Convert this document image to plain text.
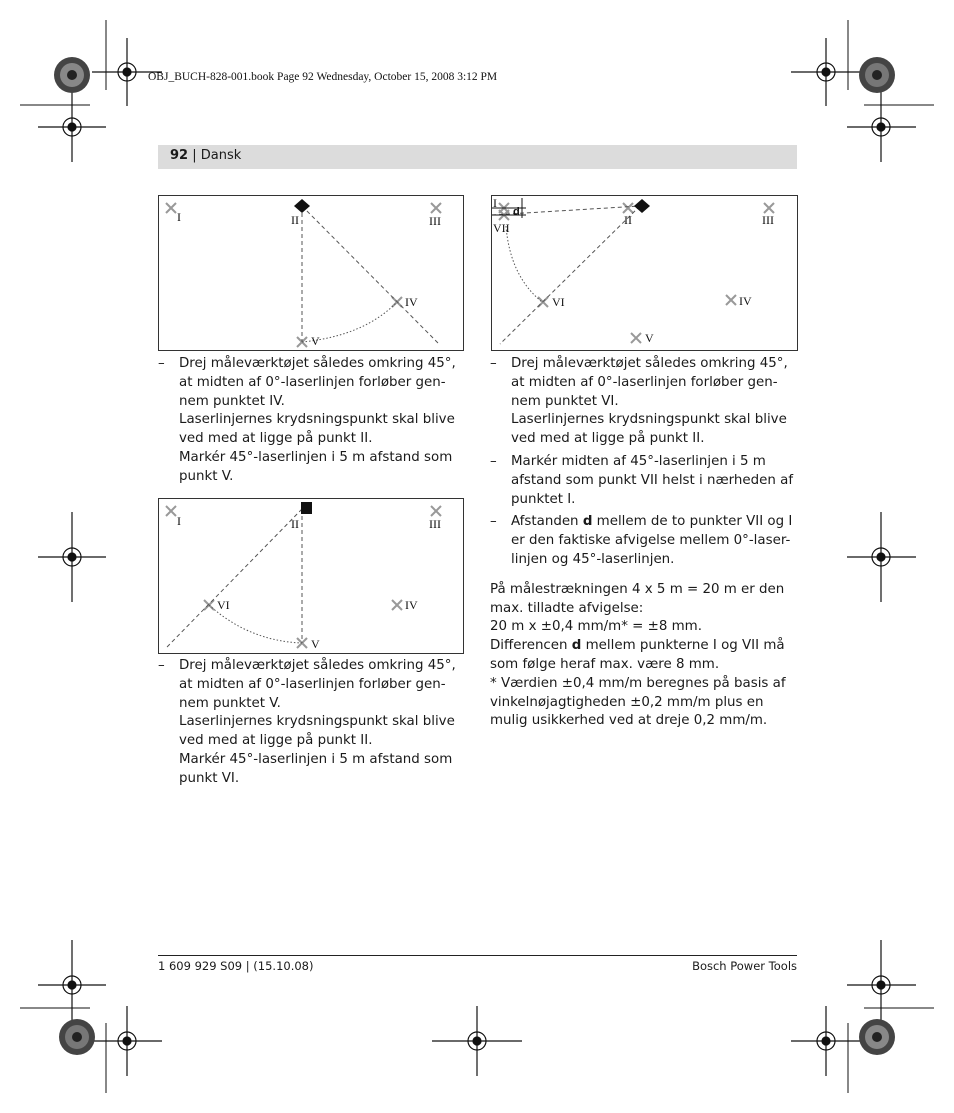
OBJ_BUCH-828-001.book Page 92 Wednesday, October 15, 2008 3:12 PM
92 | Dansk
I	II	III
IV
V
I	II	III
IV
V
VI
I
d
VII
II	III
VI	IV
V
– Drej måleværktøjet således omkring 45°,
at midten af 0°-laserlinjen forløber gen-
nem punktet IV.
Laserlinjernes krydsningspunkt skal blive
ved med at ligge på punkt II.
Markér 45°-laserlinjen i 5 m afstand som
punkt V.
– Drej måleværktøjet således omkring 45°,
at midten af 0°-laserlinjen forløber gen-
nem punktet V.
Laserlinjernes krydsningspunkt skal blive
ved med at ligge på punkt II.
Markér 45°-laserlinjen i 5 m afstand som
punkt VI.
– Drej måleværktøjet således omkring 45°,
at midten af 0°-laserlinjen forløber gen-
nem punktet VI.
Laserlinjernes krydsningspunkt skal blive
ved med at ligge på punkt II.
– Markér midten af 45°-laserlinjen i 5 m
afstand som punkt VII helst i nærheden af
punktet I.
– Afstanden d mellem de to punkter VII og I
er den faktiske afvigelse mellem 0°-laser-
linjen og 45°-laserlinjen.
På målestrækningen 4 x 5 m = 20 m er den
max. tilladte afvigelse:
20 m x ±0,4 mm/m* = ±8 mm.
Differencen d mellem punkterne I og VII må
som følge heraf max. være 8 mm.
* Værdien ±0,4 mm/m beregnes på basis af
vinkelnøjagtigheden ±0,2 mm/m plus en
mulig usikkerhed ved at dreje 0,2 mm/m.
1 609 929 S09 | (15.10.08)	Bosch Power Tools
